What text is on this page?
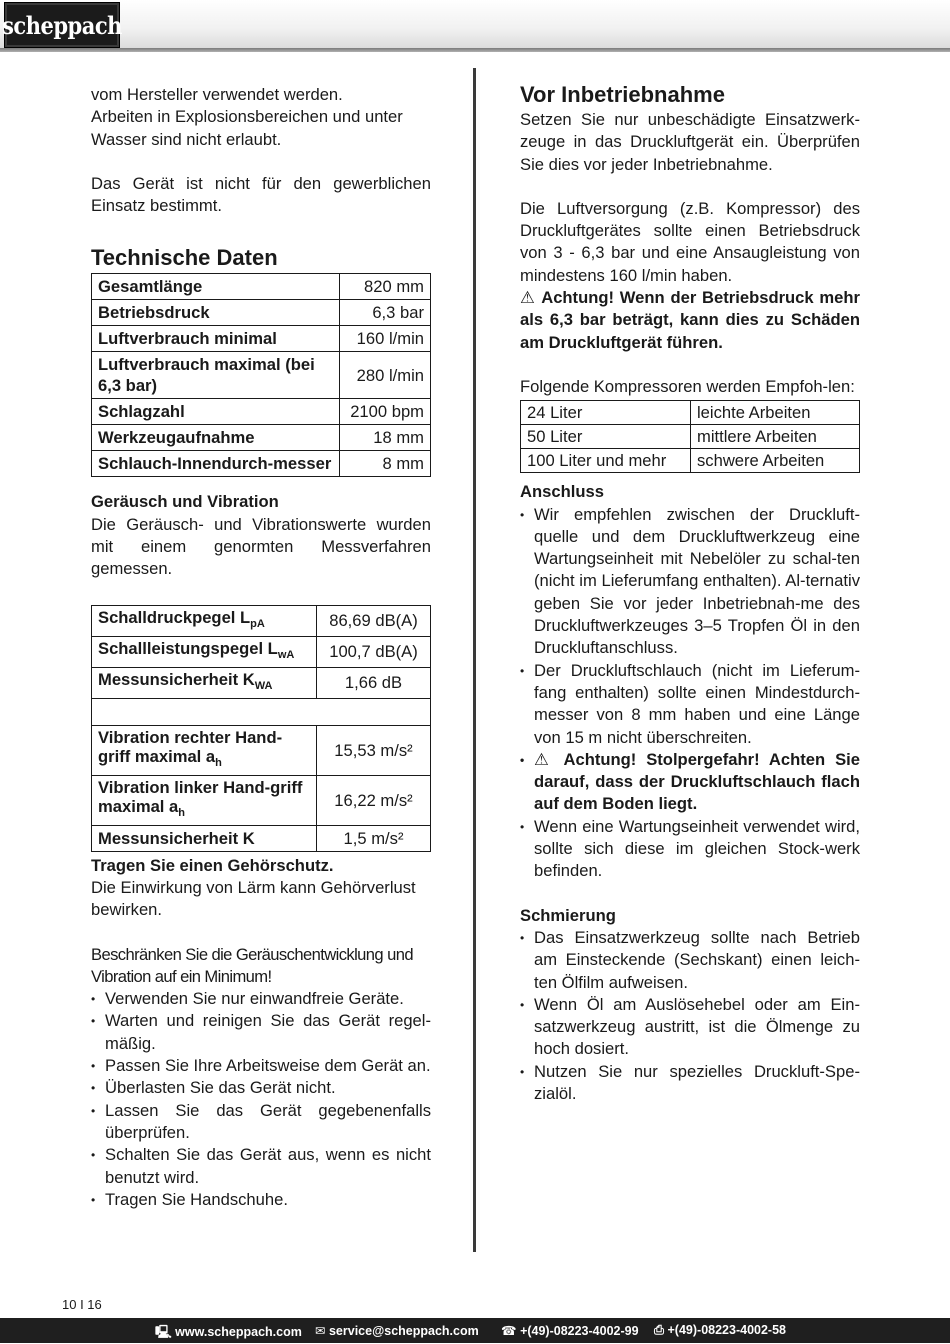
scheppach

vom Hersteller verwendet werden.

Arbeiten in Explosionsbereichen und unter Wasser sind nicht erlaubt.

Das Gerät ist nicht für den gewerblichen Einsatz bestimmt.

Technische Daten
Gesamtlänge	820 mm
Betriebsdruck	6,3 bar
Luftverbrauch minimal	160 l/min
Luftverbrauch maximal (bei 6,3 bar)	280 l/min
Schlagzahl	2100 bpm
Werkzeugaufnahme	18 mm
Schlauch-Innendurch-messer	8 mm
Geräusch und Vibration

Die Geräusch- und Vibrationswerte wurden mit einem genormten Messverfahren gemessen.

Schalldruckpegel $L_{pA}$	86,69 dB(A)
Schallleistungspegel $L_{wA}$	100,7 dB(A)
Messunsicherheit $K_{WA}$	1,66 dB

Vibration rechter Hand-griff maximal $a_h$	15,53 m/s²
Vibration linker Hand-griff maximal $a_h$	16,22 m/s²
Messunsicherheit K	1,5 m/s²
Tragen Sie einen Gehörschutz.

Die Einwirkung von Lärm kann Gehörverlust bewirken.

Beschränken Sie die Geräuschentwicklung und Vibration auf ein Minimum!

• Verwenden Sie nur einwandfreie Geräte.
• Warten und reinigen Sie das Gerät regel-mäßig.
• Passen Sie Ihre Arbeitsweise dem Gerät an.
• Überlasten Sie das Gerät nicht.
• Lassen Sie das Gerät gegebenenfalls überprüfen.
• Schalten Sie das Gerät aus, wenn es nicht benutzt wird.
• Tragen Sie Handschuhe.
Vor Inbetriebnahme

Setzen Sie nur unbeschädigte Einsatzwerk-zeuge in das Druckluftgerät ein. Überprüfen Sie dies vor jeder Inbetriebnahme.

Die Luftversorgung (z.B. Kompressor) des Druckluftgerätes sollte einen Betriebsdruck von 3 - 6,3 bar und eine Ansaugleistung von mindestens 160 l/min haben.

⚠ Achtung! Wenn der Betriebsdruck mehr als 6,3 bar beträgt, kann dies zu Schäden am Druckluftgerät führen.

Folgende Kompressoren werden Empfoh-len:

24 Liter	leichte Arbeiten
50 Liter	mittlere Arbeiten
100 Liter und mehr	schwere Arbeiten
Anschluss
• Wir empfehlen zwischen der Druckluft-quelle und dem Druckluftwerkzeug eine Wartungseinheit mit Nebelöler zu schal-ten (nicht im Lieferumfang enthalten). Al-ternativ geben Sie vor jeder Inbetriebnah-me des Druckluftwerkzeuges 3–5 Tropfen Öl in den Druckluftanschluss.
• Der Druckluftschlauch (nicht im Lieferum-fang enthalten) sollte einen Mindestdurch-messer von 8 mm haben und eine Länge von 15 m nicht überschreiten.
• ⚠ Achtung! Stolpergefahr! Achten Sie darauf, dass der Druckluftschlauch flach auf dem Boden liegt.
• Wenn eine Wartungseinheit verwendet wird, sollte sich diese im gleichen Stock-werk befinden.
Schmierung
• Das Einsatzwerkzeug sollte nach Betrieb am Einsteckende (Sechskant) einen leich-ten Ölfilm aufweisen.
• Wenn Öl am Auslösehebel oder am Ein-satzwerkzeug austritt, ist die Ölmenge zu hoch dosiert.
• Nutzen Sie nur spezielles Druckluft-Spe-zialöl.
10 I 16
🖳 www.scheppach.com ✉ service@scheppach.com ☎ +(49)-08223-4002-99 ⎙ +(49)-08223-4002-58
